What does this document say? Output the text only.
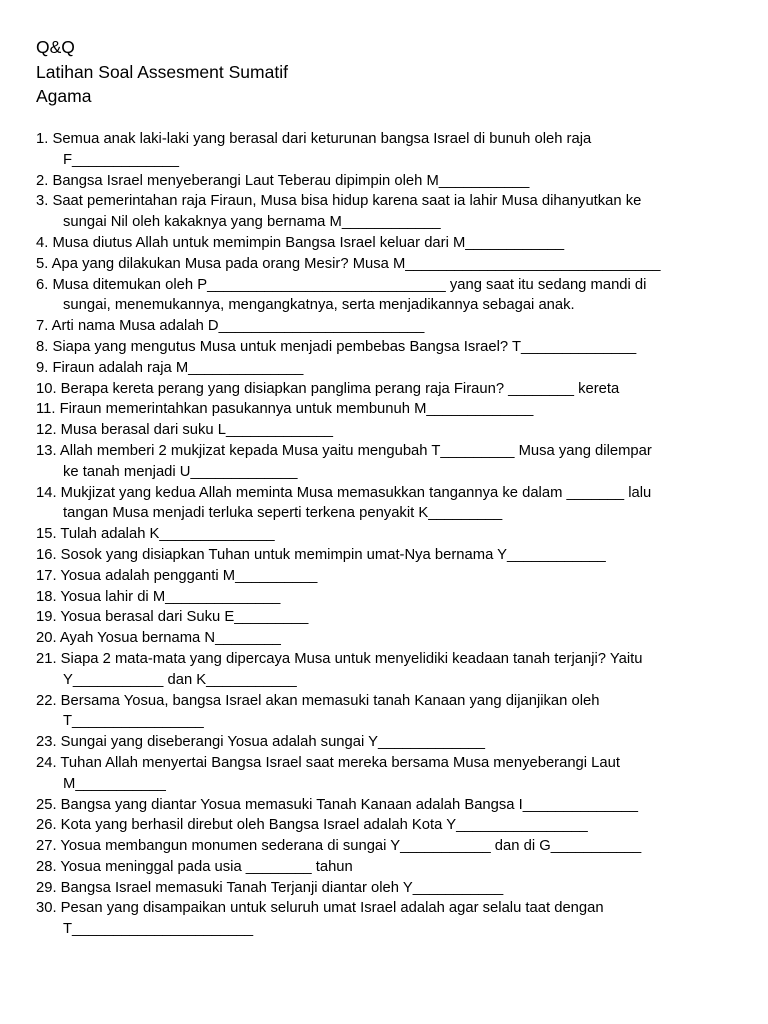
Q&Q
Latihan Soal Assesment Sumatif
Agama
1. Semua anak laki-laki yang berasal dari keturunan bangsa Israel di bunuh oleh raja
F_____________
2. Bangsa Israel menyeberangi Laut Teberau dipimpin oleh M___________
3. Saat pemerintahan raja Firaun, Musa bisa hidup karena saat ia lahir Musa dihanyutkan ke
sungai Nil oleh kakaknya yang bernama M____________
4. Musa diutus Allah untuk memimpin Bangsa Israel keluar dari M____________
5. Apa yang dilakukan Musa pada orang Mesir? Musa M_______________________________
6. Musa ditemukan oleh P_____________________________ yang saat itu sedang mandi di
sungai, menemukannya, mengangkatnya, serta menjadikannya sebagai anak.
7. Arti nama Musa adalah D_________________________
8. Siapa yang mengutus Musa untuk menjadi pembebas Bangsa Israel? T______________
9. Firaun adalah raja M______________
10. Berapa kereta perang yang disiapkan panglima perang raja Firaun? ________ kereta
11. Firaun memerintahkan pasukannya untuk membunuh M_____________
12. Musa berasal dari suku L_____________
13. Allah memberi 2 mukjizat kepada Musa yaitu mengubah T_________ Musa yang dilempar
ke tanah menjadi U_____________
14. Mukjizat yang kedua Allah meminta Musa memasukkan tangannya ke dalam _______ lalu
tangan Musa menjadi terluka seperti terkena penyakit K_________
15. Tulah adalah K______________
16. Sosok yang disiapkan Tuhan untuk memimpin umat-Nya bernama Y____________
17. Yosua adalah pengganti M__________
18. Yosua lahir di M______________
19. Yosua berasal dari Suku E_________
20. Ayah Yosua bernama N________
21. Siapa 2 mata-mata yang dipercaya Musa untuk menyelidiki keadaan tanah terjanji? Yaitu
Y___________ dan K___________
22. Bersama Yosua, bangsa Israel akan memasuki tanah Kanaan yang dijanjikan oleh
T________________
23. Sungai yang diseberangi Yosua adalah sungai Y_____________
24. Tuhan Allah menyertai Bangsa Israel saat mereka bersama Musa menyeberangi Laut
M___________
25. Bangsa yang diantar Yosua memasuki Tanah Kanaan adalah Bangsa I______________
26. Kota yang berhasil direbut oleh Bangsa Israel adalah Kota Y________________
27. Yosua membangun monumen sederana di sungai Y___________ dan di G___________
28. Yosua meninggal pada usia ________ tahun
29. Bangsa Israel memasuki Tanah Terjanji diantar oleh Y___________
30. Pesan yang disampaikan untuk seluruh umat Israel adalah agar selalu taat dengan
T______________________
